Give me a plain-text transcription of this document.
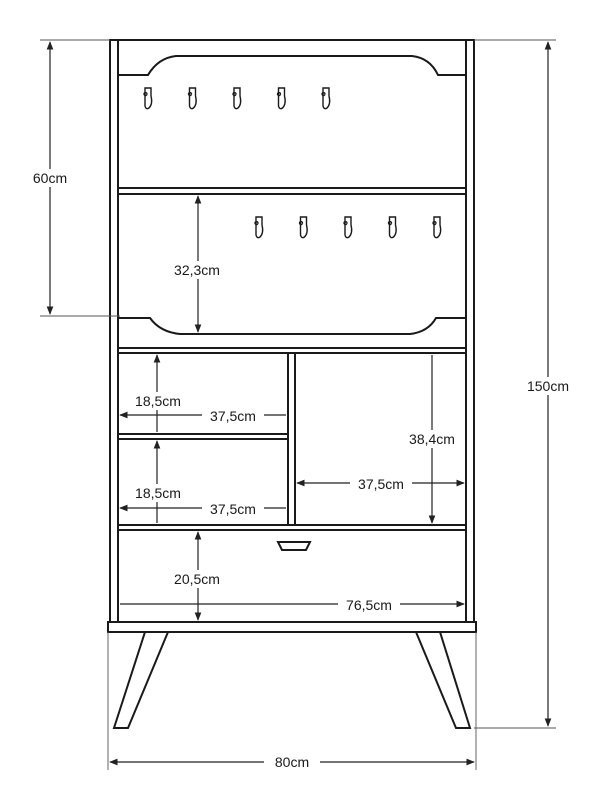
60cm
150cm
80cm
32,3cm
18,5cm
37,5cm
18,5cm
37,5cm
38,4cm
37,5cm
20,5cm
76,5cm
